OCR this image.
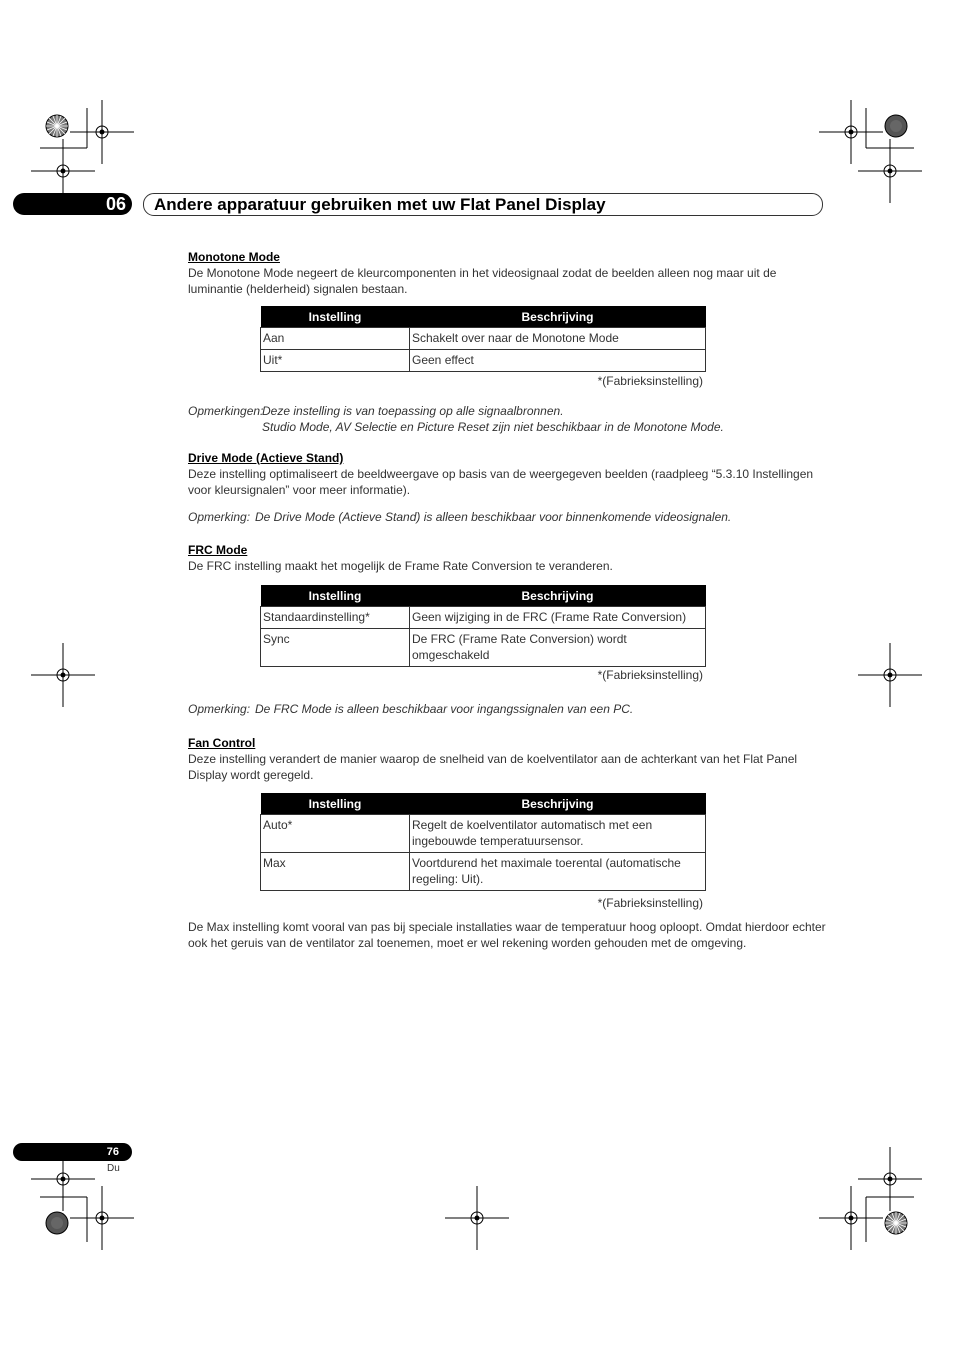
06 Andere apparatuur gebruiken met uw Flat Panel Display
Monotone Mode
De Monotone Mode negeert de kleurcomponenten in het videosignaal zodat de beelden alleen nog maar uit de luminantie (helderheid) signalen bestaan.
Instelling	Beschrijving
Aan	Schakelt over naar de Monotone Mode
Uit*	Geen effect
*(Fabrieksinstelling)
Opmerkingen:Deze instelling is van toepassing op alle signaalbronnen.
Studio Mode, AV Selectie en Picture Reset zijn niet beschikbaar in de Monotone Mode.
Drive Mode (Actieve Stand)
Deze instelling optimaliseert de beeldweergave op basis van de weergegeven beelden (raadpleeg “5.3.10 Instellingen voor kleursignalen” voor meer informatie).
Opmerking: De Drive Mode (Actieve Stand) is alleen beschikbaar voor binnenkomende videosignalen.
FRC Mode
De FRC instelling maakt het mogelijk de Frame Rate Conversion te veranderen.
Instelling	Beschrijving
Standaardinstelling*	Geen wijziging in de FRC (Frame Rate Conversion)
Sync	De FRC (Frame Rate Conversion) wordt omgeschakeld
*(Fabrieksinstelling)
Opmerking: De FRC Mode is alleen beschikbaar voor ingangssignalen van een PC.
Fan Control
Deze instelling verandert de manier waarop de snelheid van de koelventilator aan de achterkant van het Flat Panel Display wordt geregeld.
Instelling	Beschrijving
Auto*	Regelt de koelventilator automatisch met een ingebouwde temperatuursensor.
Max	Voortdurend het maximale toerental (automatische regeling: Uit).
*(Fabrieksinstelling)
De Max instelling komt vooral van pas bij speciale installaties waar de temperatuur hoog oploopt. Omdat hierdoor echter ook het geruis van de ventilator zal toenemen, moet er wel rekening worden gehouden met de omgeving.
76
Du
